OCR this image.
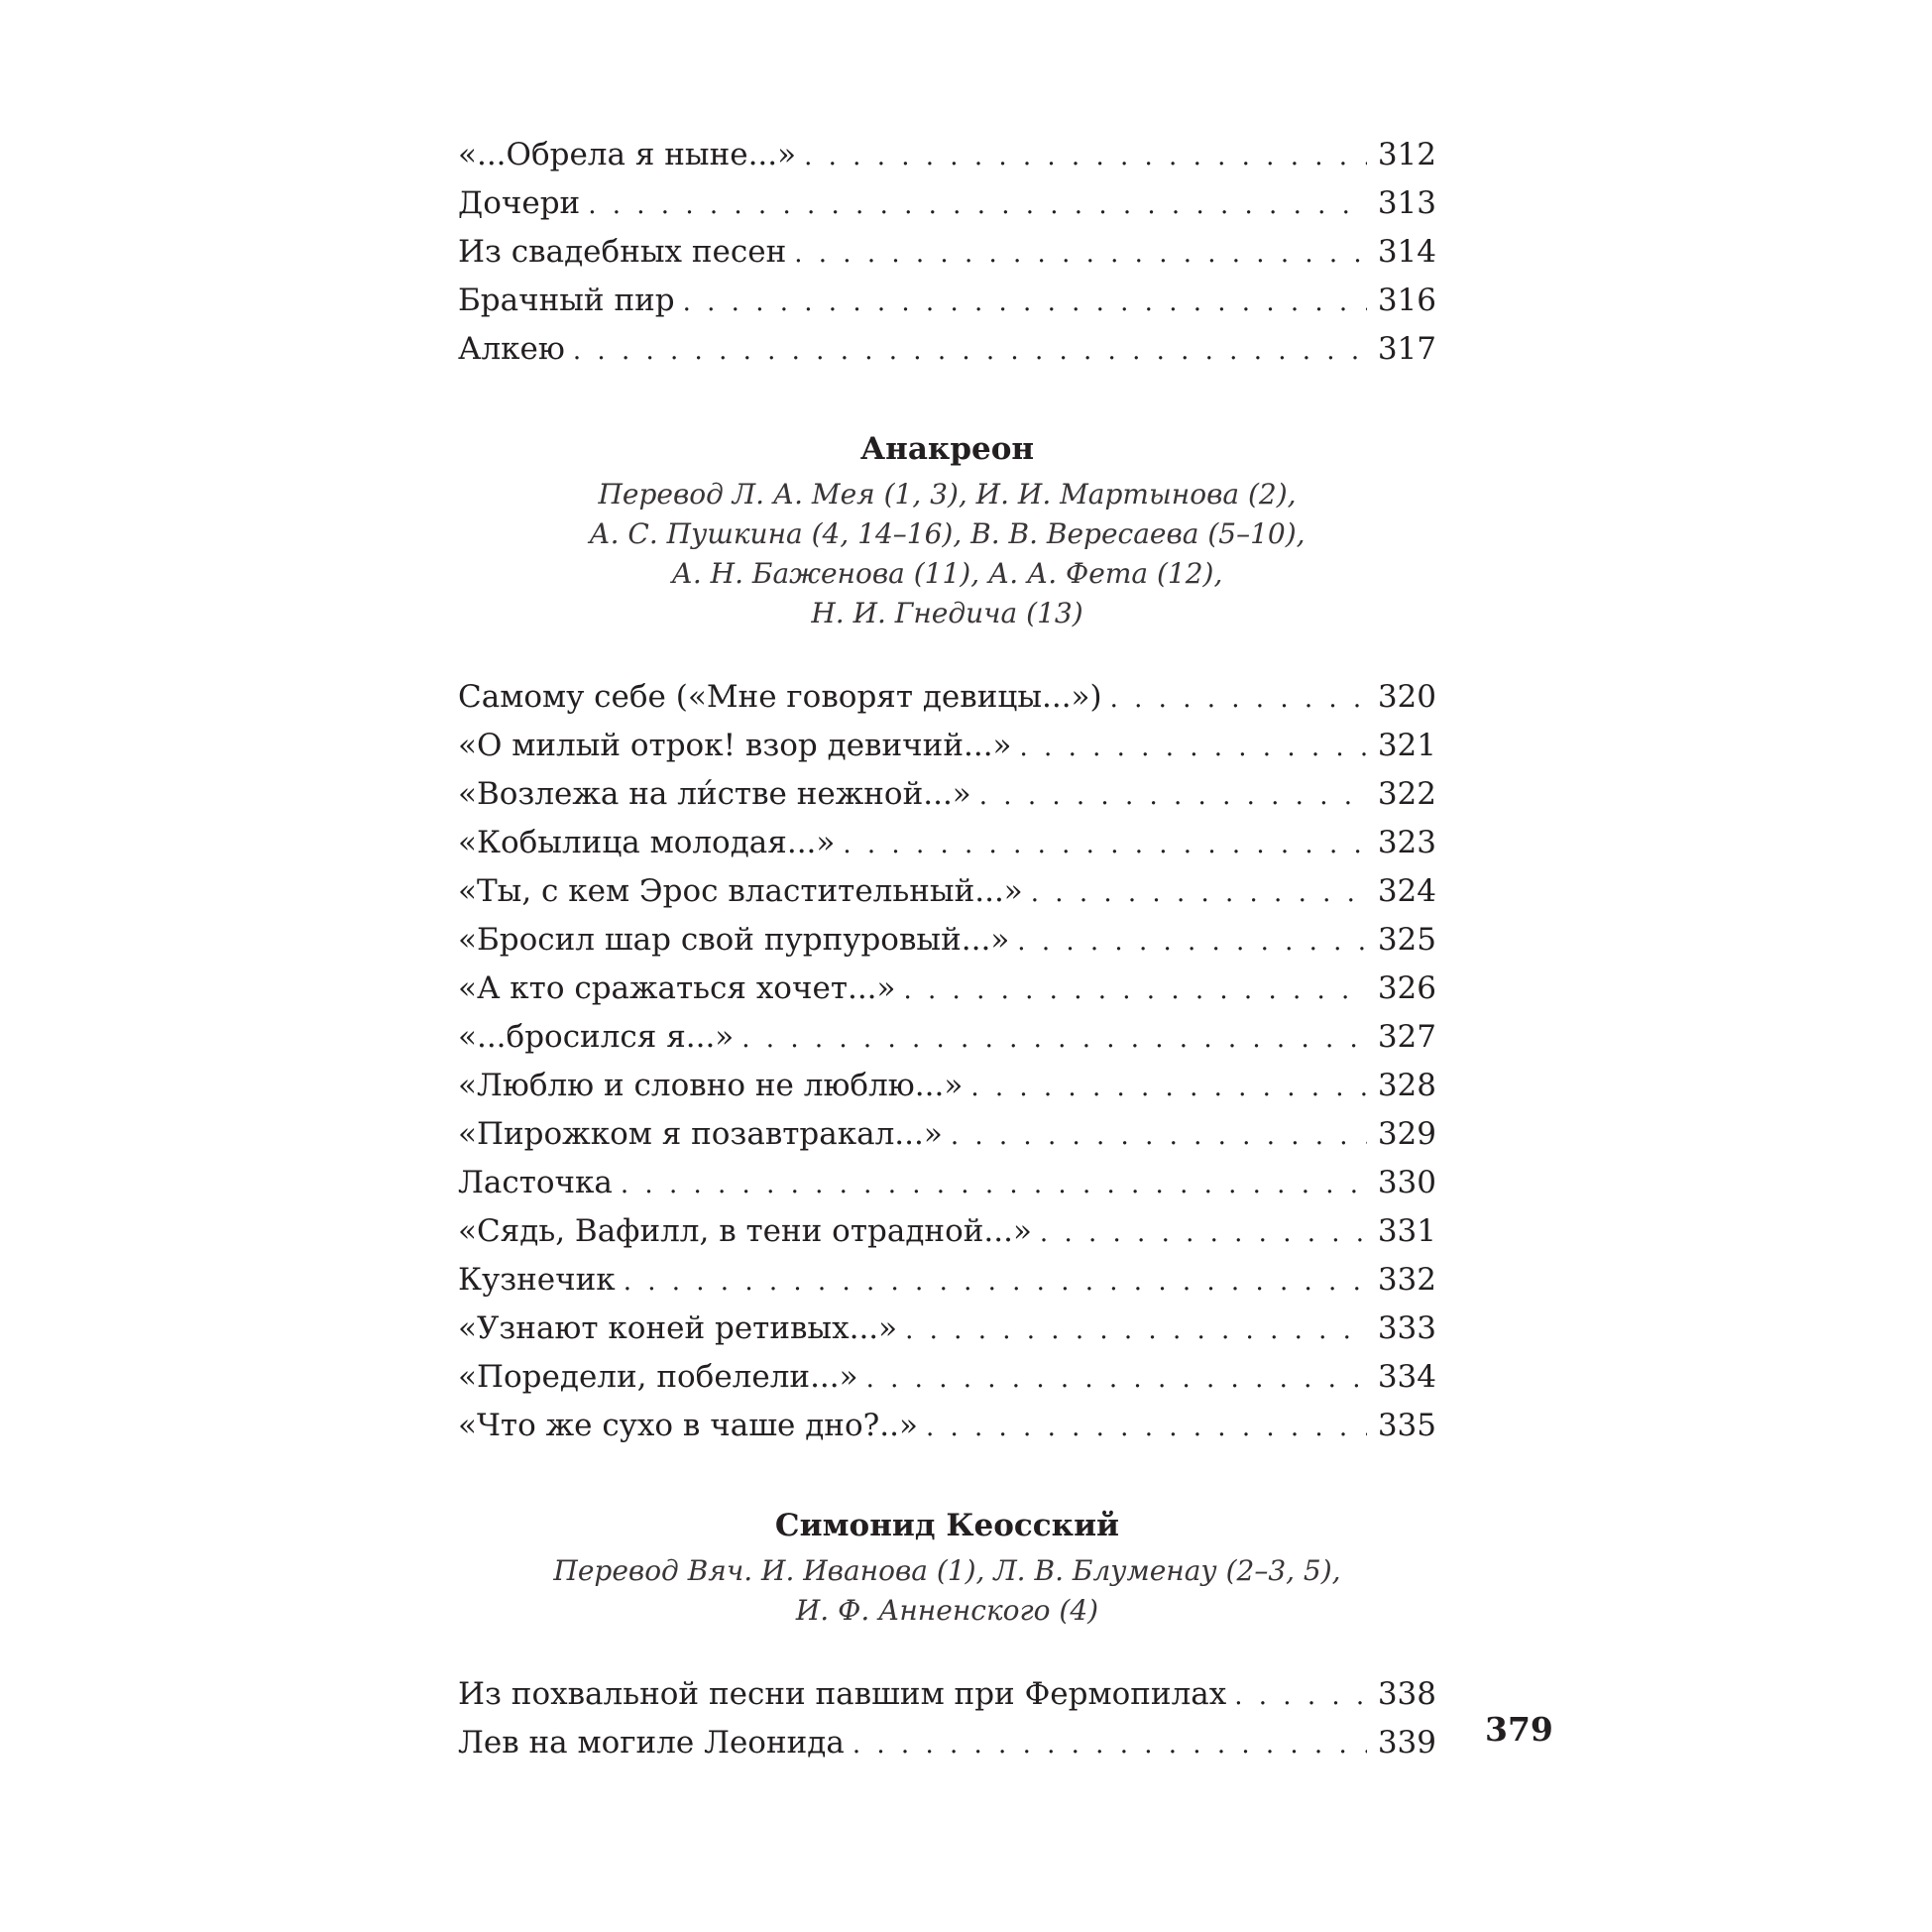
«...Обрела я ныне...» . . .	312
Дочери . . .	313
Из свадебных песен . . .	314
Брачный пир . . .	316
Алкею . . .	317
Анакреон
Перевод Л. А. Мея (1, 3), И. И. Мартынова (2),
А. С. Пушкина (4, 14–16), В. В. Вересаева (5–10),
А. Н. Баженова (11), А. А. Фета (12),
Н. И. Гнедича (13)
Самому себе («Мне говорят девицы...») . . .	320
«О милый отрок! взор девичий...» . . .	321
«Возлежа на ли́стве нежной...» . . .	322
«Кобылица молодая...» . . .	323
«Ты, с кем Эрос властительный...» . . .	324
«Бросил шар свой пурпуровый...» . . .	325
«А кто сражаться хочет...» . . .	326
«...бросился я...» . . .	327
«Люблю и словно не люблю...» . . .	328
«Пирожком я позавтракал...» . . .	329
Ласточка . . .	330
«Сядь, Вафилл, в тени отрадной...» . . .	331
Кузнечик . . .	332
«Узнают коней ретивых...» . . .	333
«Поредели, побелели...» . . .	334
«Что же сухо в чаше дно?..» . . .	335
Симонид Кеосский
Перевод Вяч. И. Иванова (1), Л. В. Блуменау (2–3, 5),
И. Ф. Анненского (4)
Из похвальной песни павшим при Фермопилах . . .	338
Лев на могиле Леонида . . .	339 379
